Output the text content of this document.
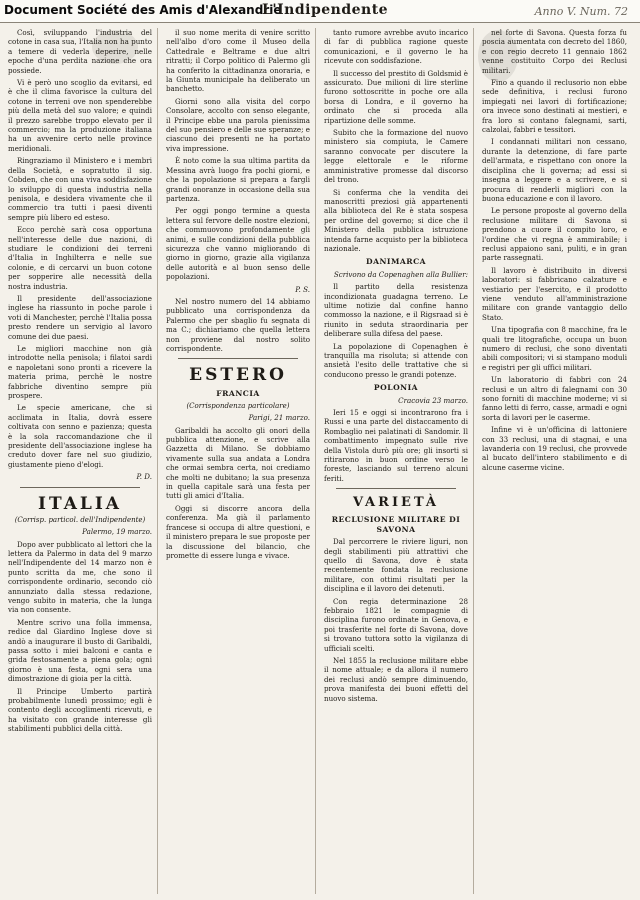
Document Société des Amis d'Alexandrie
L'Indipendente	Anno V. Num. 72

Così, sviluppando l'industria del cotone in casa sua, l'Italia non ha punto a temere di vederla deperire, nelle epoche d'una perdita nazione che ora possiede.

Vi è però uno scoglio da evitarsi, ed è che il clima favorisce la cultura del cotone in terreni ove non spenderebbe più della metà del suo valore; e quindi il prezzo sarebbe troppo elevato per il commercio; ma la produzione italiana ha un avvenire certo nelle province meridionali.

Ringraziamo il Ministero e i membri della Società, e sopratutto il sig. Cobden, che con una viva soddisfazione lo sviluppo di questa industria nella penisola, e desidera vivamente che il commercio tra tutti i paesi diventi sempre più libero ed esteso.

Ecco perchè sarà cosa opportuna nell'interesse delle due nazioni, di studiare le condizioni dei terreni d'Italia in Inghilterra e nelle sue colonie, e di cercarvi un buon cotone per sopperire alle necessità della nostra industria.

Il presidente dell'associazione inglese ha riassunto in poche parole i voti di Manchester, perchè l'Italia possa presto rendere un servigio al lavoro comune dei due paesi.

Le migliori macchine non già introdotte nella penisola; i filatoi sardi e napoletani sono pronti a ricevere la materia prima, perchè le nostre fabbriche diventino sempre più prospere.

Le specie americane, che si acclimata in Italia, dovrà essere coltivata con senno e pazienza; questa è la sola raccomandazione che il presidente dell'associazione inglese ha creduto dover fare nel suo giudizio, giustamente pieno d'elogi.

P. D.

ITALIA
(Corrisp. particol. dell'Indipendente)

Palermo, 19 marzo.

Dopo aver pubblicato al lettori che la lettera da Palermo in data del 9 marzo nell'Indipendente del 14 marzo non è punto scritta da me, che sono il corrispondente ordinario, secondo ciò annunziato dalla stessa redazione, vengo subito in materia, che la lunga via non consente.

Mentre scrivo una folla immensa, redice dal Giardino Inglese dove si andò a inaugurare il busto di Garibaldi, passa sotto i miei balconi e canta e grida festosamente a piena gola; ogni giorno è una festa, ogni sera una dimostrazione di gioia per la città.

Il Principe Umberto partirà probabilmente lunedì prossimo; egli è contento degli accoglimenti ricevuti, e ha visitato con grande interesse gli stabilimenti pubblici della città.

il suo nome merita di venire scritto nell'albo d'oro come il Museo della Cattedrale e Beltrame e due altri ritratti; il Corpo politico di Palermo gli ha conferito la cittadinanza onoraria, e la Giunta municipale ha deliberato un banchetto.

Giorni sono alla visita del corpo Consolare, accolto con senso elegante, il Principe ebbe una parola pienissima del suo pensiero e delle sue speranze; e ciascuno dei presenti ne ha portato viva impressione.

È noto come la sua ultima partita da Messina avrà luogo fra pochi giorni, e che la popolazione si prepara a fargli grandi onoranze in occasione della sua partenza.

Per oggi pongo termine a questa lettera sul fervore delle nostre elezioni, che commuovono profondamente gli animi, e sulle condizioni della pubblica sicurezza che vanno migliorando di giorno in giorno, grazie alla vigilanza delle autorità e al buon senso delle popolazioni.

P. S.

Nel nostro numero del 14 abbiamo pubblicato una corrispondenza da Palermo che per sbaglio fu segnata di ma C.; dichiariamo che quella lettera non proviene dal nostro solito corrispondente.

ESTERO
FRANCIA
(Corrispondenza particolare)

Parigi, 21 marzo.

Garibaldi ha accolto gli onori della pubblica attenzione, e scrive alla Gazzetta di Milano. Se dobbiamo vivamente sulla sua andata a Londra che ormai sembra certa, noi crediamo che molti ne dubitano; la sua presenza in quella capitale sarà una festa per tutti gli amici d'Italia.

Oggi si discorre ancora della conferenza. Ma già il parlamento francese si occupa di altre questioni, e il ministero prepara le sue proposte per la discussione del bilancio, che promette di essere lunga e vivace.

tanto rumore avrebbe avuto incarico di far di pubblica ragione queste comunicazioni, e il governo le ha ricevute con soddisfazione.

Il successo del prestito di Goldsmid è assicurato. Due milioni di lire sterline furono sottoscritte in poche ore alla borsa di Londra, e il governo ha ordinato che si proceda alla ripartizione delle somme.

Subito che la formazione del nuovo ministero sia compiuta, le Camere saranno convocate per discutere la legge elettorale e le riforme amministrative promesse dal discorso del trono.

Si conferma che la vendita dei manoscritti preziosi già appartenenti alla biblioteca del Re è stata sospesa per ordine del governo; si dice che il Ministero della pubblica istruzione intenda farne acquisto per la biblioteca nazionale.

DANIMARCA

Scrivono da Copenaghen alla Bullier:

Il partito della resistenza incondizionata guadagna terreno. Le ultime notizie dal confine hanno commosso la nazione, e il Rigsraad si è riunito in seduta straordinaria per deliberare sulla difesa del paese.

La popolazione di Copenaghen è tranquilla ma risoluta; si attende con ansietà l'esito delle trattative che si conducono presso le grandi potenze.

POLONIA

Cracovia 23 marzo.

Ieri 15 e oggi si incontrarono fra i Russi e una parte del distaccamento di Rombaglio nei palatinati di Sandomir. Il combattimento impegnato sulle rive della Vistola durò più ore; gli insorti si ritirarono in buon ordine verso le foreste, lasciando sul terreno alcuni feriti.

VARIETÀ
RECLUSIONE MILITARE DI SAVONA

Dal percorrere le riviere liguri, non degli stabilimenti più attrattivi che quello di Savona, dove è stata recentemente fondata la reclusione militare, con ottimi risultati per la disciplina e il lavoro dei detenuti.

Con regia determinazione 28 febbraio 1821 le compagnie di disciplina furono ordinate in Genova, e poi trasferite nel forte di Savona, dove si trovano tuttora sotto la vigilanza di ufficiali scelti.

Nel 1855 la reclusione militare ebbe il nome attuale; e da allora il numero dei reclusi andò sempre diminuendo, prova manifesta dei buoni effetti del nuovo sistema.

nel forte di Savona. Questa forza fu poscia aumentata con decreto del 1860, e con regio decreto 11 gennaio 1862 venne costituito Corpo dei Reclusi militari.

Fino a quando il reclusorio non ebbe sede definitiva, i reclusi furono impiegati nei lavori di fortificazione; ora invece sono destinati ai mestieri, e fra loro si contano falegnami, sarti, calzolai, fabbri e tessitori.

I condannati militari non cessano, durante la detenzione, di fare parte dell'armata, e rispettano con onore la disciplina che li governa; ad essi si insegna a leggere e a scrivere, e si procura di renderli migliori con la buona educazione e con il lavoro.

Le persone proposte al governo della reclusione militare di Savona si prendono a cuore il compito loro, e l'ordine che vi regna è ammirabile; i reclusi appaiono sani, puliti, e in gran parte rassegnati.

Il lavoro è distribuito in diversi laboratori: si fabbricano calzature e vestiario per l'esercito, e il prodotto viene venduto all'amministrazione militare con grande vantaggio dello Stato.

Una tipografia con 8 macchine, fra le quali tre litografiche, occupa un buon numero di reclusi, che sono diventati abili compositori; vi si stampano moduli e registri per gli uffici militari.

Un laboratorio di fabbri con 24 reclusi e un altro di falegnami con 30 sono forniti di macchine moderne; vi si fanno letti di ferro, casse, armadi e ogni sorta di lavori per le caserme.

Infine vi è un'officina di lattoniere con 33 reclusi, una di stagnai, e una lavanderia con 19 reclusi, che provvede al bucato dell'intero stabilimento e di alcune caserme vicine.
